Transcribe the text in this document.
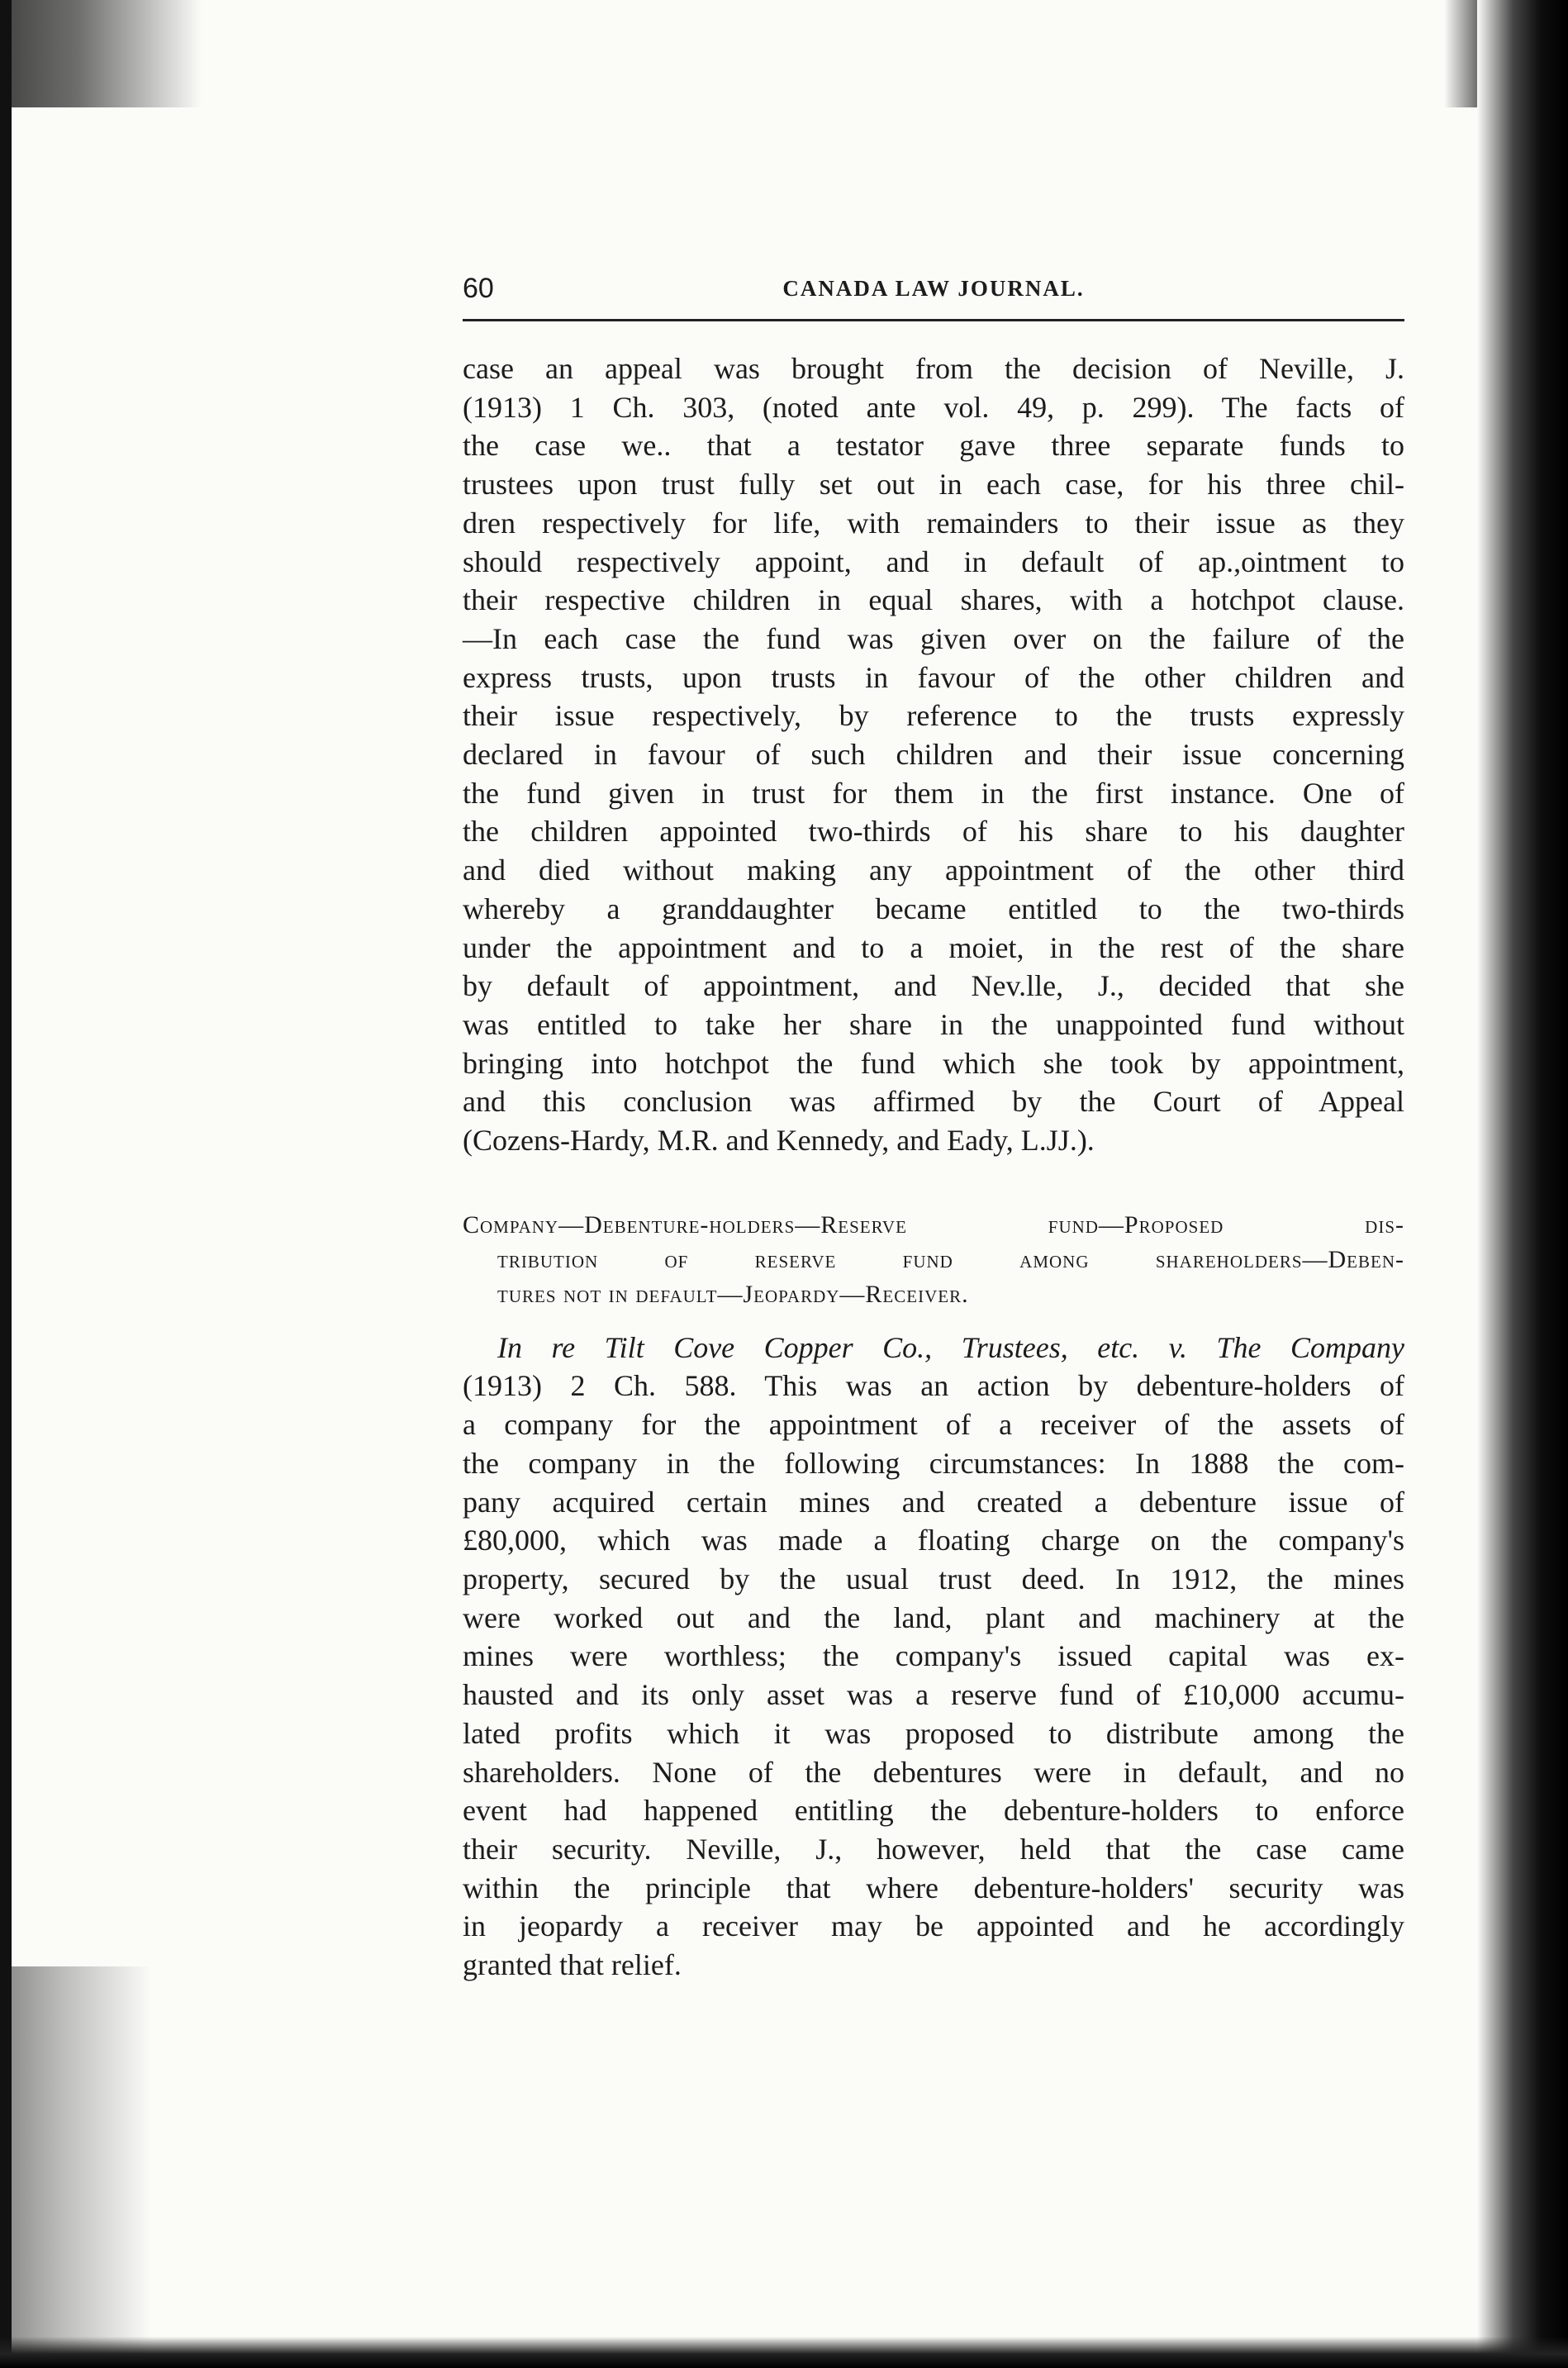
60	CANADA LAW JOURNAL.

case an appeal was brought from the decision of Neville, J.
(1913) 1 Ch. 303, (noted ante vol. 49, p. 299). The facts of
the case we.. that a testator gave three separate funds to
trustees upon trust fully set out in each case, for his three chil-
dren respectively for life, with remainders to their issue as they
should respectively appoint, and in default of ap.,ointment to
their respective children in equal shares, with a hotchpot clause.
—In each case the fund was given over on the failure of the
express trusts, upon trusts in favour of the other children and
their issue respectively, by reference to the trusts expressly
declared in favour of such children and their issue concerning
the fund given in trust for them in the first instance. One of
the children appointed two-thirds of his share to his daughter
and died without making any appointment of the other third
whereby a granddaughter became entitled to the two-thirds
under the appointment and to a moiet, in the rest of the share
by default of appointment, and Nev.lle, J., decided that she
was entitled to take her share in the unappointed fund without
bringing into hotchpot the fund which she took by appointment,
and this conclusion was affirmed by the Court of Appeal
(Cozens-Hardy, M.R. and Kennedy, and Eady, L.JJ.).

Company—Debenture-holders—Reserve fund—Proposed dis-
tribution of reserve fund among shareholders—Deben-
tures not in default—Jeopardy—Receiver.

In re Tilt Cove Copper Co., Trustees, etc. v. The Company
(1913) 2 Ch. 588. This was an action by debenture-holders of
a company for the appointment of a receiver of the assets of
the company in the following circumstances: In 1888 the com-
pany acquired certain mines and created a debenture issue of
£80,000, which was made a floating charge on the company's
property, secured by the usual trust deed. In 1912, the mines
were worked out and the land, plant and machinery at the
mines were worthless; the company's issued capital was ex-
hausted and its only asset was a reserve fund of £10,000 accumu-
lated profits which it was proposed to distribute among the
shareholders. None of the debentures were in default, and no
event had happened entitling the debenture-holders to enforce
their security. Neville, J., however, held that the case came
within the principle that where debenture-holders' security was
in jeopardy a receiver may be appointed and he accordingly
granted that relief.
